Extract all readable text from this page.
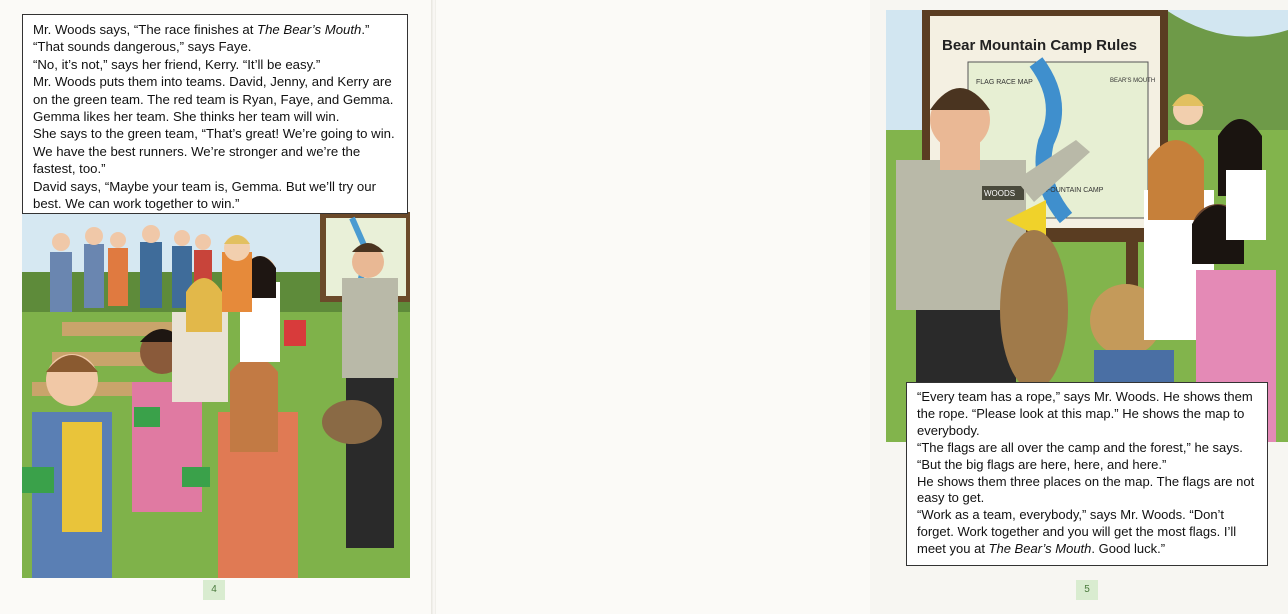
Mr. Woods says, “The race finishes at The Bear’s Mouth.”

“That sounds dangerous,” says Faye.

“No, it’s not,” says her friend, Kerry. “It’ll be easy.”

Mr. Woods puts them into teams. David, Jenny, and Kerry are on the green team. The red team is Ryan, Faye, and Gemma. Gemma likes her team. She thinks her team will win.

She says to the green team, “That’s great! We’re going to win. We have the best runners. We’re stronger and we’re the fastest, too.”

David says, “Maybe your team is, Gemma. But we’ll try our best. We can work together to win.”

4
Bear Mountain Camp Rules
FLAG RACE MAP
FOUNTAIN CAMP
BEAR'S MOUTH
WOODS

“Every team has a rope,” says Mr. Woods. He shows them the rope. “Please look at this map.” He shows the map to everybody.

“The flags are all over the camp and the forest,” he says. “But the big flags are here, here, and here.”

He shows them three places on the map. The flags are not easy to get.

“Work as a team, everybody,” says Mr. Woods. “Don’t forget. Work together and you will get the most flags. I’ll meet you at The Bear’s Mouth. Good luck.”

5
